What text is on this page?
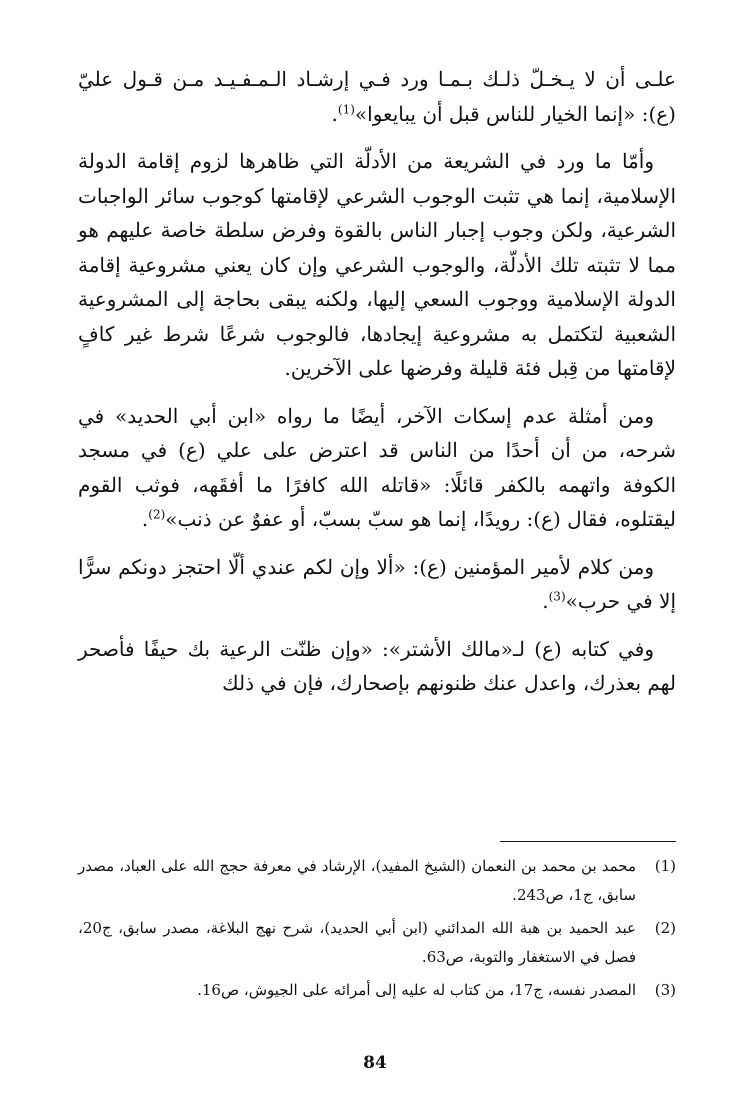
علـى أن لا يـخـلّ ذلـك بـمـا ورد فـي إرشـاد الـمـفـيـد مـن قـول عليّ (ع): «إنما الخيار للناس قبل أن يبايعوا»$^{(1)}$.

وأمّا ما ورد في الشريعة من الأدلّة التي ظاهرها لزوم إقامة الدولة الإسلامية، إنما هي تثبت الوجوب الشرعي لإقامتها كوجوب سائر الواجبات الشرعية، ولكن وجوب إجبار الناس بالقوة وفرض سلطة خاصة عليهم هو مما لا تثبته تلك الأدلّة، والوجوب الشرعي وإن كان يعني مشروعية إقامة الدولة الإسلامية ووجوب السعي إليها، ولكنه يبقى بحاجة إلى المشروعية الشعبية لتكتمل به مشروعية إيجادها، فالوجوب شرعًا شرط غير كافٍ لإقامتها من قِبل فئة قليلة وفرضها على الآخرين.

ومن أمثلة عدم إسكات الآخر، أيضًا ما رواه «ابن أبي الحديد» في شرحه، من أن أحدًا من الناس قد اعترض على علي (ع) في مسجد الكوفة واتهمه بالكفر قائلًا: «قاتله الله كافرًا ما أفقَهه، فوثب القوم ليقتلوه، فقال (ع): رويدًا، إنما هو سبّ بسبّ، أو عفوٌ عن ذنب»$^{(2)}$.

ومن كلام لأمير المؤمنين (ع): «ألا وإن لكم عندي ألّا احتجز دونكم سرًّا إلا في حرب»$^{(3)}$.

وفي كتابه (ع) لـ«مالك الأشتر»: «وإن ظنّت الرعية بك حيفًا فأصحر لهم بعذرك، واعدل عنك ظنونهم بإصحارك، فإن في ذلك

(1)
محمد بن محمد بن النعمان (الشيخ المفيد)، الإرشاد في معرفة حجج الله على العباد، مصدر سابق، ج1، ص243.
(2)
عبد الحميد بن هبة الله المدائني (ابن أبي الحديد)، شرح نهج البلاغة، مصدر سابق، ج20، فصل في الاستغفار والتوبة، ص63.
(3)
المصدر نفسه، ج17، من كتاب له عليه إلى أمرائه على الجيوش، ص16.
84
